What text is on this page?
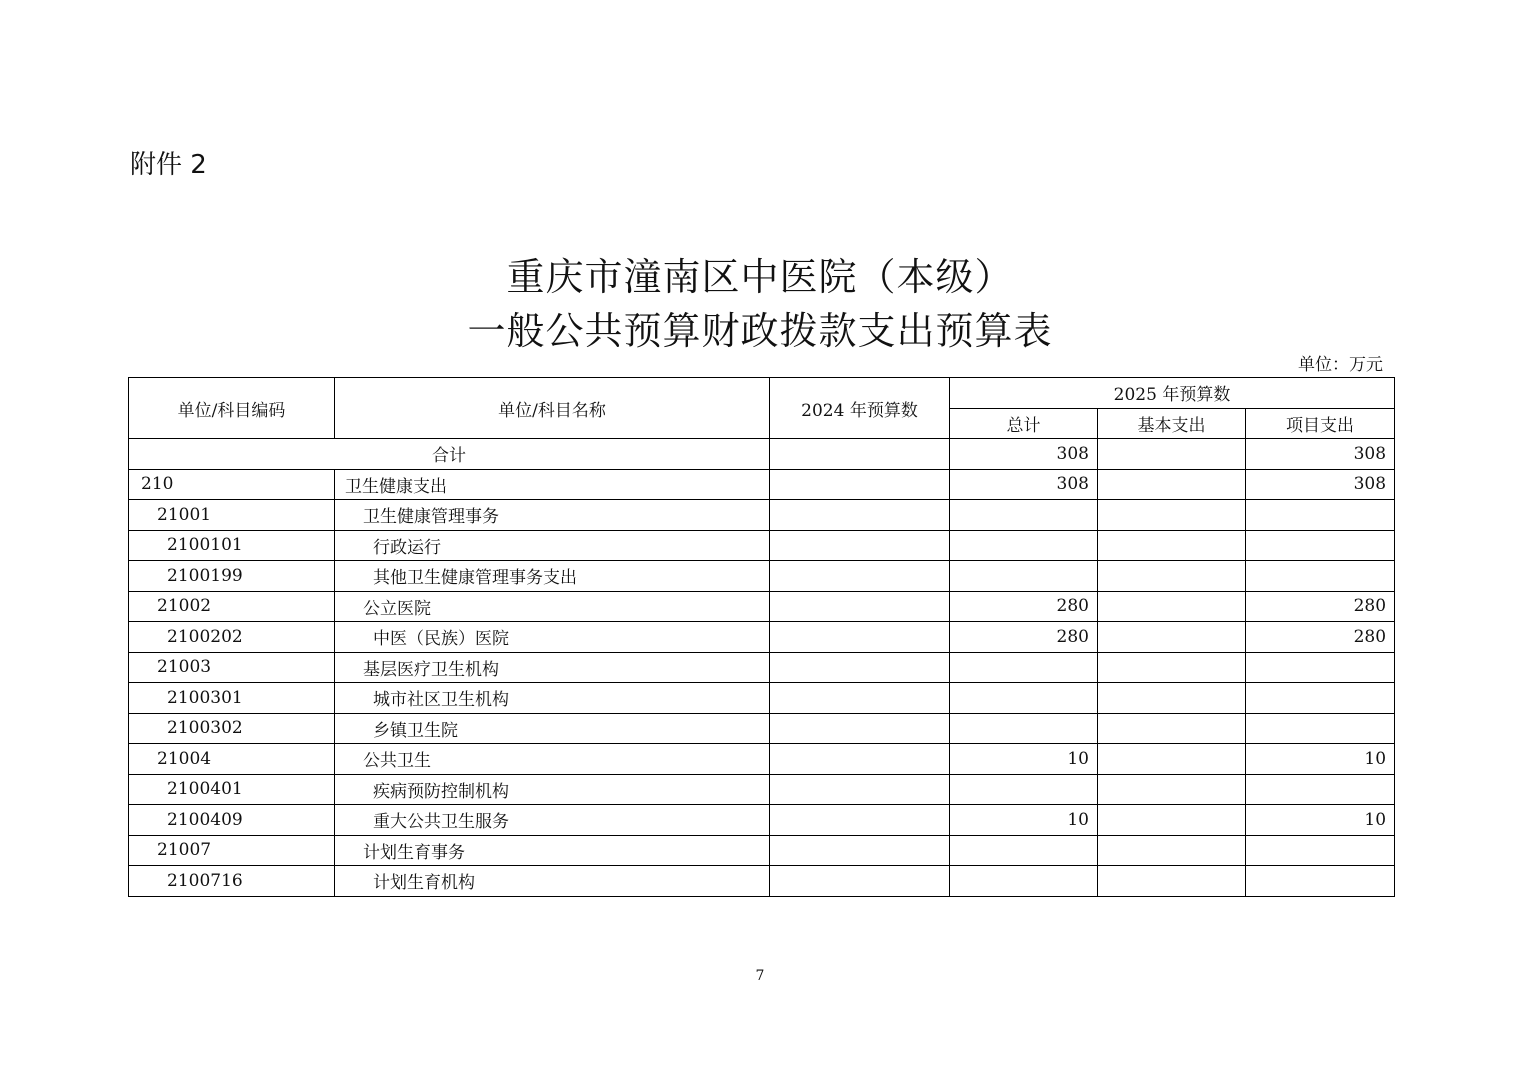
附件 2
重庆市潼南区中医院（本级）
一般公共预算财政拨款支出预算表
单位：万元
单位/科目编码	单位/科目名称	2024 年预算数	2025 年预算数		
			总计	基本支出	项目支出
合计			308		308
210	卫生健康支出		308		308
21001	卫生健康管理事务				
2100101	行政运行				
2100199	其他卫生健康管理事务支出				
21002	公立医院		280		280
2100202	中医（民族）医院		280		280
21003	基层医疗卫生机构				
2100301	城市社区卫生机构				
2100302	乡镇卫生院				
21004	公共卫生		10		10
2100401	疾病预防控制机构				
2100409	重大公共卫生服务		10		10
21007	计划生育事务				
2100716	计划生育机构				
7
